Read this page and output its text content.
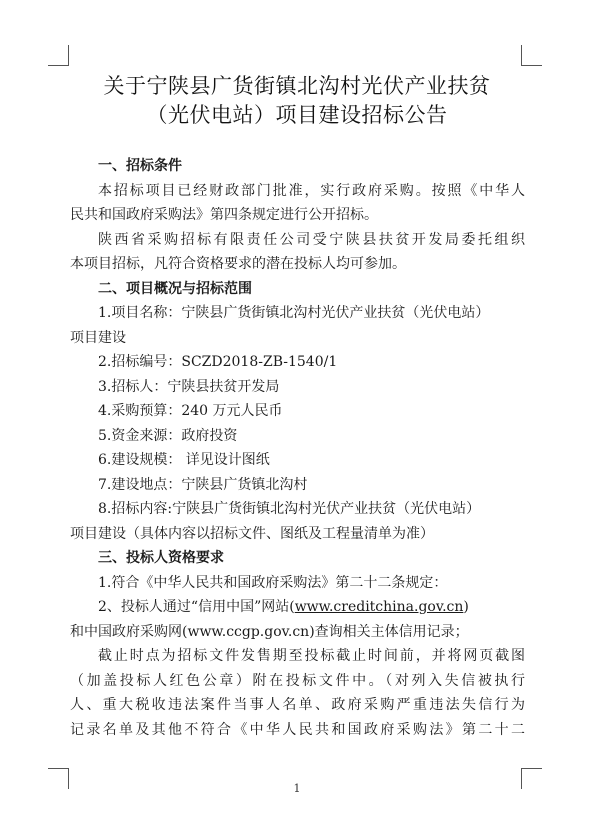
关于宁陕县广货街镇北沟村光伏产业扶贫
（光伏电站）项目建设招标公告
一、招标条件
本招标项目已经财政部门批准，实行政府采购。按照《中华人
民共和国政府采购法》第四条规定进行公开招标。
陕西省采购招标有限责任公司受宁陕县扶贫开发局委托组织
本项目招标，凡符合资格要求的潜在投标人均可参加。
二、项目概况与招标范围
1.项目名称：宁陕县广货街镇北沟村光伏产业扶贫（光伏电站）
项目建设
2.招标编号：SCZD2018-ZB-1540/1
3.招标人：宁陕县扶贫开发局
4.采购预算：240 万元人民币
5.资金来源：政府投资
6.建设规模： 详见设计图纸
7.建设地点：宁陕县广货镇北沟村
8.招标内容:宁陕县广货街镇北沟村光伏产业扶贫（光伏电站）
项目建设（具体内容以招标文件、图纸及工程量清单为准）
三、投标人资格要求
1.符合《中华人民共和国政府采购法》第二十二条规定：
2、投标人通过“信用中国”网站(www.creditchina.gov.cn)
和中国政府采购网(www.ccgp.gov.cn)查询相关主体信用记录；
截止时点为招标文件发售期至投标截止时间前，并将网页截图
（加盖投标人红色公章）附在投标文件中。（对列入失信被执行
人、重大税收违法案件当事人名单、政府采购严重违法失信行为
记录名单及其他不符合《中华人民共和国政府采购法》第二十二
1
